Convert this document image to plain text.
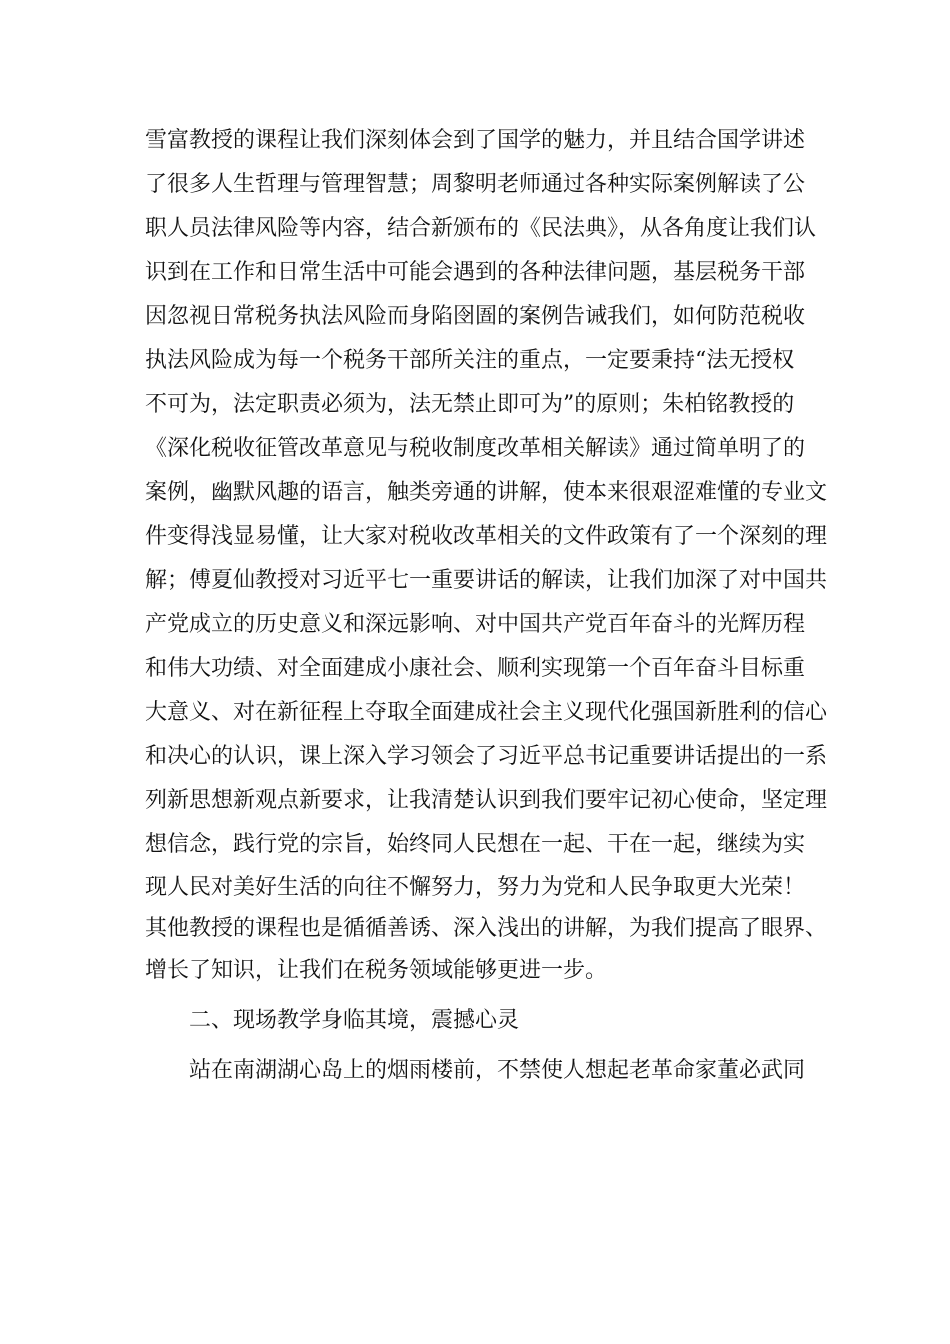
雪富教授的课程让我们深刻体会到了国学的魅力，并且结合国学讲述
了很多人生哲理与管理智慧；周黎明老师通过各种实际案例解读了公
职人员法律风险等内容，结合新颁布的《民法典》，从各角度让我们认
识到在工作和日常生活中可能会遇到的各种法律问题，基层税务干部
因忽视日常税务执法风险而身陷囹圄的案例告诫我们，如何防范税收
执法风险成为每一个税务干部所关注的重点，一定要秉持“法无授权
不可为，法定职责必须为，法无禁止即可为”的原则；朱柏铭教授的
《深化税收征管改革意见与税收制度改革相关解读》通过简单明了的
案例，幽默风趣的语言，触类旁通的讲解，使本来很艰涩难懂的专业文
件变得浅显易懂，让大家对税收改革相关的文件政策有了一个深刻的理
解；傅夏仙教授对习近平七一重要讲话的解读，让我们加深了对中国共
产党成立的历史意义和深远影响、对中国共产党百年奋斗的光辉历程
和伟大功绩、对全面建成小康社会、顺利实现第一个百年奋斗目标重
大意义、对在新征程上夺取全面建成社会主义现代化强国新胜利的信心
和决心的认识，课上深入学习领会了习近平总书记重要讲话提出的一系
列新思想新观点新要求，让我清楚认识到我们要牢记初心使命，坚定理
想信念，践行党的宗旨，始终同人民想在一起、干在一起，继续为实
现人民对美好生活的向往不懈努力，努力为党和人民争取更大光荣！
其他教授的课程也是循循善诱、深入浅出的讲解，为我们提高了眼界、
增长了知识，让我们在税务领域能够更进一步。
二、现场教学身临其境，震撼心灵
站在南湖湖心岛上的烟雨楼前，不禁使人想起老革命家董必武同
